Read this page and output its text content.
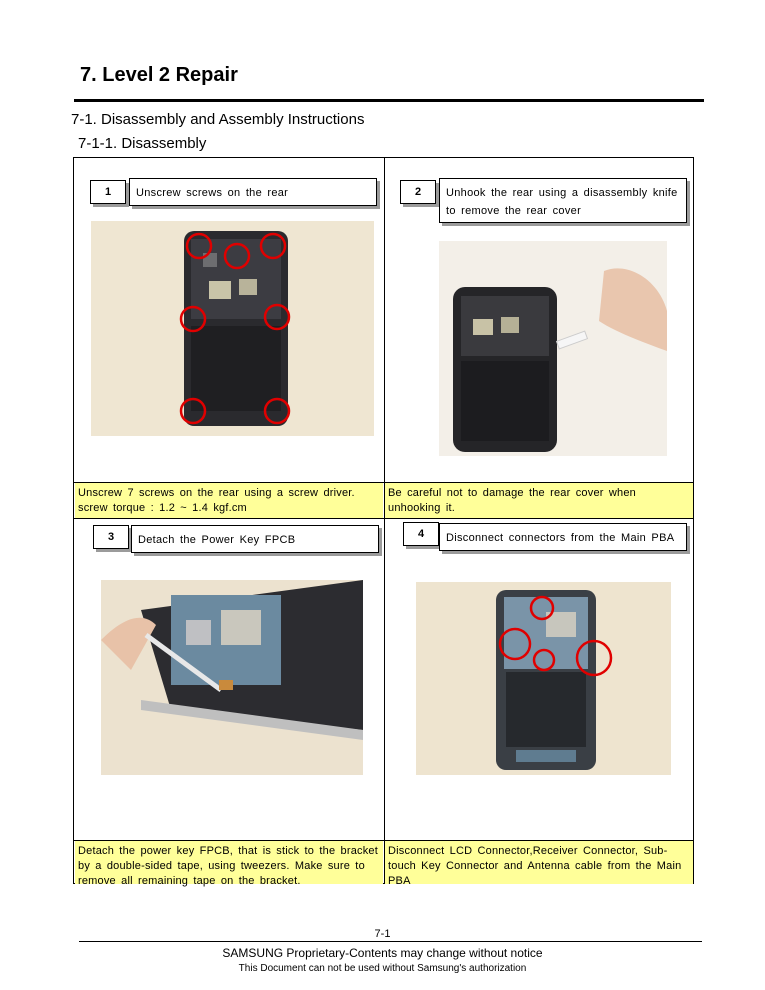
7. Level 2 Repair
7-1. Disassembly and Assembly Instructions
7-1-1. Disassembly
1	Unscrew screws on the rear	2	Unhook the rear using a disassembly knife
to remove the rear cover
Unscrew 7 screws on the rear using a screw driver.
screw torque : 1.2 ~ 1.4 kgf.cm
Be careful not to damage the rear cover when
unhooking it.
3	Detach the Power Key FPCB	4	Disconnect connectors from the Main PBA
Detach the power key FPCB, that is stick to the bracket
by a double-sided tape, using tweezers. Make sure to
remove all remaining tape on the bracket.
Disconnect LCD Connector,Receiver Connector, Sub-
touch Key Connector and Antenna cable from the Main
PBA
7-1
SAMSUNG Proprietary-Contents may change without notice
This Document can not be used without Samsung's authorization
